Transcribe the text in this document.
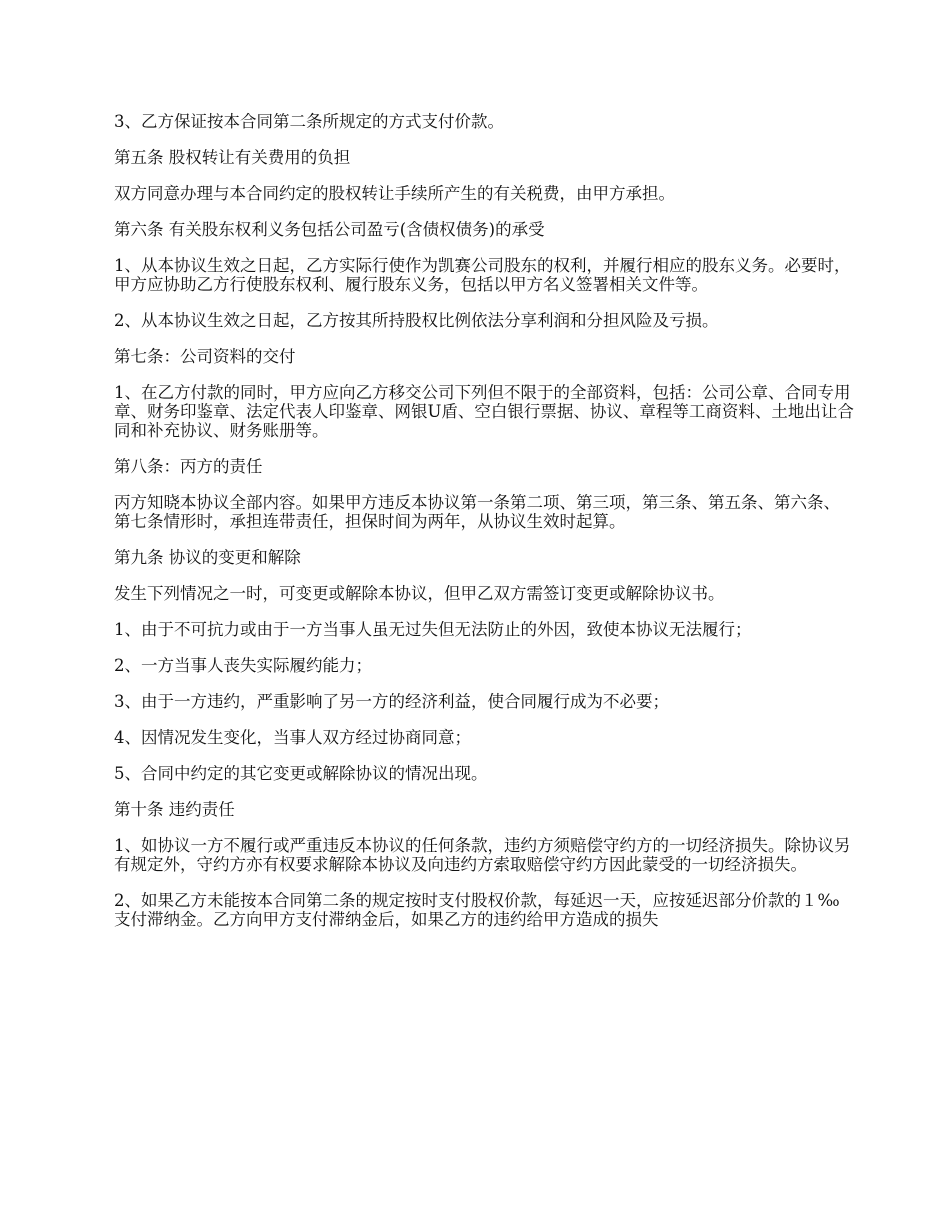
3、乙方保证按本合同第二条所规定的方式支付价款。

第五条 股权转让有关费用的负担

双方同意办理与本合同约定的股权转让手续所产生的有关税费，由甲方承担。

第六条 有关股东权利义务包括公司盈亏(含债权债务)的承受

1、从本协议生效之日起，乙方实际行使作为凯赛公司股东的权利，并履行相应的股东义务。必要时，甲方应协助乙方行使股东权利、履行股东义务，包括以甲方名义签署相关文件等。

2、从本协议生效之日起，乙方按其所持股权比例依法分享利润和分担风险及亏损。

第七条：公司资料的交付

1、在乙方付款的同时，甲方应向乙方移交公司下列但不限于的全部资料，包括：公司公章、合同专用章、财务印鉴章、法定代表人印鉴章、网银U盾、空白银行票据、协议、章程等工商资料、土地出让合同和补充协议、财务账册等。

第八条：丙方的责任

丙方知晓本协议全部内容。如果甲方违反本协议第一条第二项、第三项，第三条、第五条、第六条、第七条情形时，承担连带责任，担保时间为两年，从协议生效时起算。

第九条 协议的变更和解除

发生下列情况之一时，可变更或解除本协议，但甲乙双方需签订变更或解除协议书。

1、由于不可抗力或由于一方当事人虽无过失但无法防止的外因，致使本协议无法履行；

2、一方当事人丧失实际履约能力；

3、由于一方违约，严重影响了另一方的经济利益，使合同履行成为不必要；

4、因情况发生变化，当事人双方经过协商同意；

5、合同中约定的其它变更或解除协议的情况出现。

第十条 违约责任

1、如协议一方不履行或严重违反本协议的任何条款，违约方须赔偿守约方的一切经济损失。除协议另有规定外，守约方亦有权要求解除本协议及向违约方索取赔偿守约方因此蒙受的一切经济损失。

2、如果乙方未能按本合同第二条的规定按时支付股权价款，每延迟一天，应按延迟部分价款的１‰支付滞纳金。乙方向甲方支付滞纳金后，如果乙方的违约给甲方造成的损失
